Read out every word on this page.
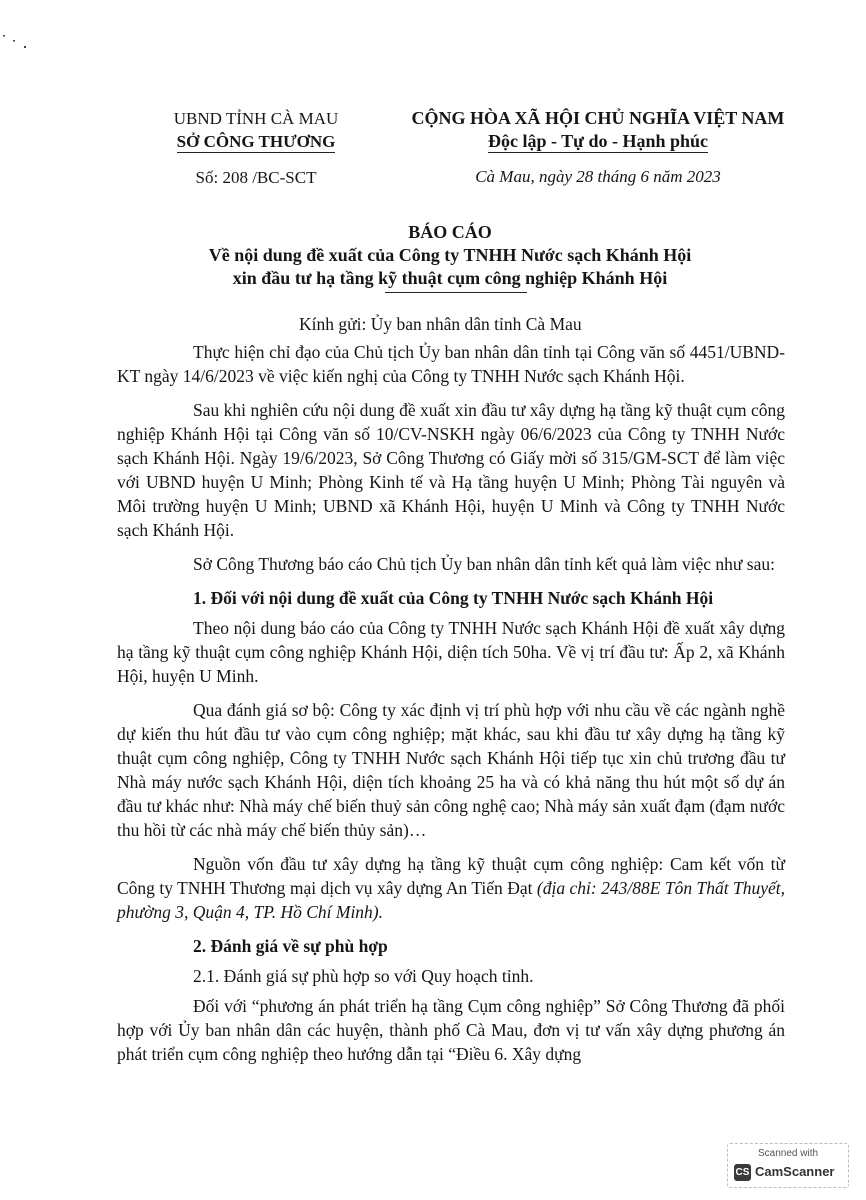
UBND TỈNH CÀ MAU
SỞ CÔNG THƯƠNG
Số: 208 /BC-SCT
CỘNG HÒA XÃ HỘI CHỦ NGHĨA VIỆT NAM
Độc lập - Tự do - Hạnh phúc
Cà Mau, ngày 28 tháng 6 năm 2023
BÁO CÁO
Về nội dung đề xuất của Công ty TNHH Nước sạch Khánh Hội
xin đầu tư hạ tầng kỹ thuật cụm công nghiệp Khánh Hội

Kính gửi: Ủy ban nhân dân tỉnh Cà Mau

Thực hiện chỉ đạo của Chủ tịch Ủy ban nhân dân tỉnh tại Công văn số 4451/UBND-KT ngày 14/6/2023 về việc kiến nghị của Công ty TNHH Nước sạch Khánh Hội.

Sau khi nghiên cứu nội dung đề xuất xin đầu tư xây dựng hạ tầng kỹ thuật cụm công nghiệp Khánh Hội tại Công văn số 10/CV-NSKH ngày 06/6/2023 của Công ty TNHH Nước sạch Khánh Hội. Ngày 19/6/2023, Sở Công Thương có Giấy mời số 315/GM-SCT để làm việc với UBND huyện U Minh; Phòng Kinh tế và Hạ tầng huyện U Minh; Phòng Tài nguyên và Môi trường huyện U Minh; UBND xã Khánh Hội, huyện U Minh và Công ty TNHH Nước sạch Khánh Hội.

Sở Công Thương báo cáo Chủ tịch Ủy ban nhân dân tỉnh kết quả làm việc như sau:

1. Đối với nội dung đề xuất của Công ty TNHH Nước sạch Khánh Hội

Theo nội dung báo cáo của Công ty TNHH Nước sạch Khánh Hội đề xuất xây dựng hạ tầng kỹ thuật cụm công nghiệp Khánh Hội, diện tích 50ha. Về vị trí đầu tư: Ấp 2, xã Khánh Hội, huyện U Minh.

Qua đánh giá sơ bộ: Công ty xác định vị trí phù hợp với nhu cầu về các ngành nghề dự kiến thu hút đầu tư vào cụm công nghiệp; mặt khác, sau khi đầu tư xây dựng hạ tầng kỹ thuật cụm công nghiệp, Công ty TNHH Nước sạch Khánh Hội tiếp tục xin chủ trương đầu tư Nhà máy nước sạch Khánh Hội, diện tích khoảng 25 ha và có khả năng thu hút một số dự án đầu tư khác như: Nhà máy chế biến thuỷ sản công nghệ cao; Nhà máy sản xuất đạm (đạm nước thu hồi từ các nhà máy chế biến thủy sản)…

Nguồn vốn đầu tư xây dựng hạ tầng kỹ thuật cụm công nghiệp: Cam kết vốn từ Công ty TNHH Thương mại dịch vụ xây dựng An Tiến Đạt (địa chỉ: 243/88E Tôn Thất Thuyết, phường 3, Quận 4, TP. Hồ Chí Minh).

2. Đánh giá về sự phù hợp

2.1. Đánh giá sự phù hợp so với Quy hoạch tỉnh.

Đối với “phương án phát triển hạ tầng Cụm công nghiệp” Sở Công Thương đã phối hợp với Ủy ban nhân dân các huyện, thành phố Cà Mau, đơn vị tư vấn xây dựng phương án phát triển cụm công nghiệp theo hướng dẫn tại “Điều 6. Xây dựng

Scanned with
CS CamScanner
